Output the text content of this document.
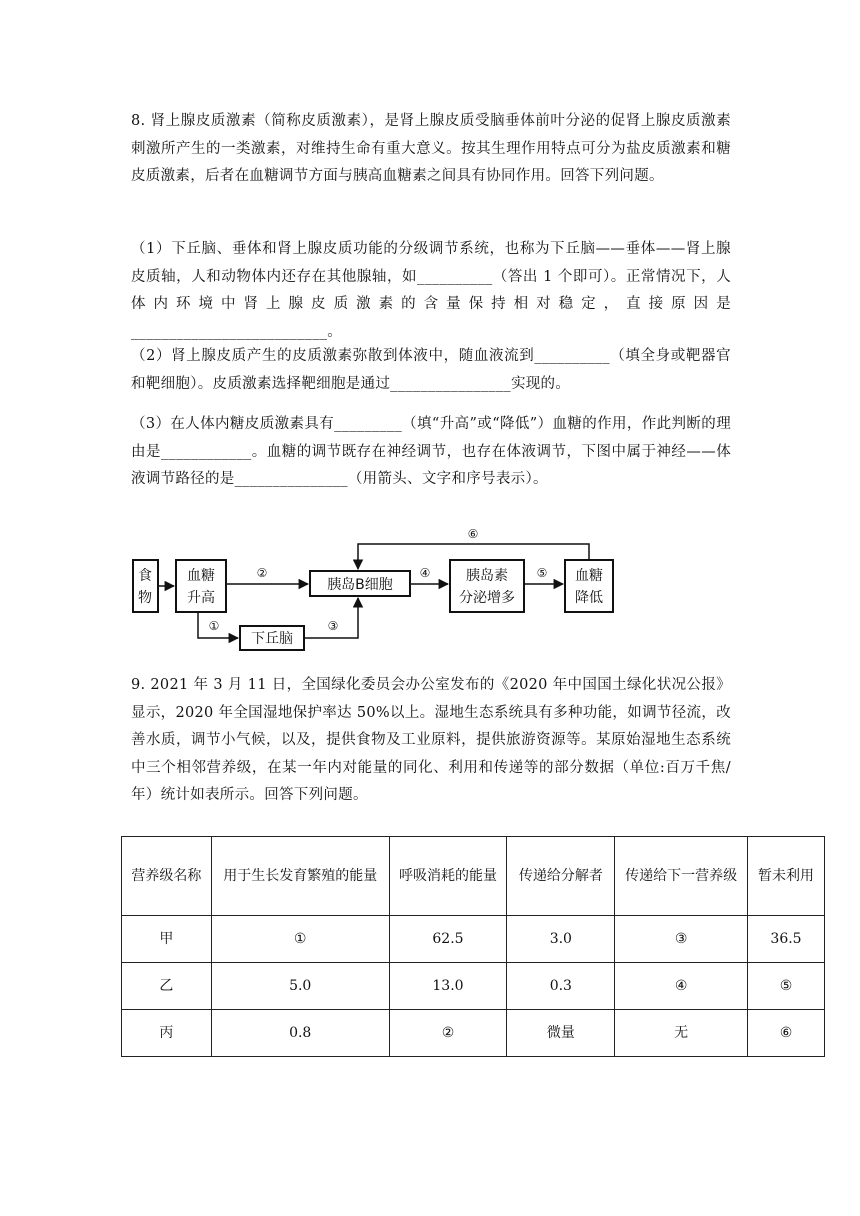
8. 肾上腺皮质激素（简称皮质激素），是肾上腺皮质受脑垂体前叶分泌的促肾上腺皮质激素刺激所产生的一类激素，对维持生命有重大意义。按其生理作用特点可分为盐皮质激素和糖皮质激素，后者在血糖调节方面与胰高血糖素之间具有协同作用。回答下列问题。

（1）下丘脑、垂体和肾上腺皮质功能的分级调节系统，也称为下丘脑——垂体——肾上腺皮质轴，人和动物体内还存在其他腺轴，如__________（答出 1 个即可）。正常情况下，人体内环境中肾上腺皮质激素的含量保持相对稳定，直接原因是__________________________。

（2）肾上腺皮质产生的皮质激素弥散到体液中，随血液流到__________（填全身或靶器官和靶细胞）。皮质激素选择靶细胞是通过________________实现的。

（3）在人体内糖皮质激素具有_________（填“升高”或“降低”）血糖的作用，作此判断的理由是____________。血糖的调节既存在神经调节，也存在体液调节，下图中属于神经——体液调节路径的是_______________（用箭头、文字和序号表示）。

食
物
血糖
升高
胰岛B细胞
胰岛素
分泌增多
血糖
降低
下丘脑
①
②
③
④	⑤
⑥

9. 2021 年 3 月 11 日，全国绿化委员会办公室发布的《2020 年中国国土绿化状况公报》显示，2020 年全国湿地保护率达 50%以上。湿地生态系统具有多种功能，如调节径流，改善水质，调节小气候，以及，提供食物及工业原料，提供旅游资源等。某原始湿地生态系统中三个相邻营养级，在某一年内对能量的同化、利用和传递等的部分数据（单位:百万千焦/年）统计如表所示。回答下列问题。

营养级名称	用于生长发育繁殖的能量	呼吸消耗的能量	传递给分解者	传递给下一营养级	暂未利用
甲	①	62.5	3.0	③	36.5
乙	5.0	13.0	0.3	④	⑤
丙	0.8	②	微量	无	⑥
